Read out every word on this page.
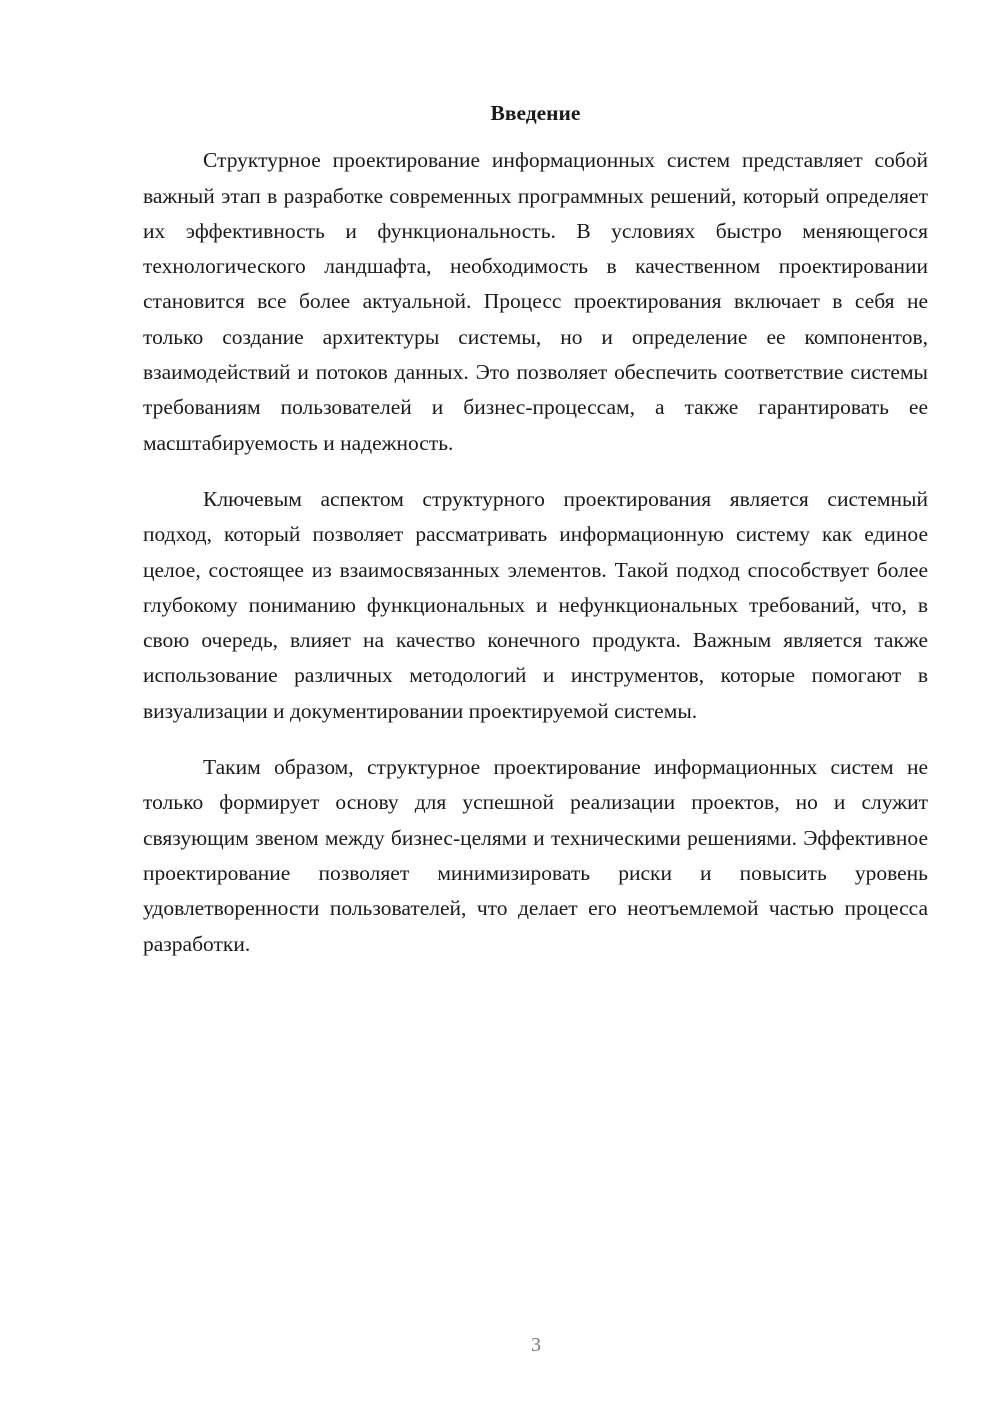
Введение

Структурное проектирование информационных систем представляет собой важный этап в разработке современных программных решений, который определяет их эффективность и функциональность. В условиях быстро меняющегося технологического ландшафта, необходимость в качественном проектировании становится все более актуальной. Процесс проектирования включает в себя не только создание архитектуры системы, но и определение ее компонентов, взаимодействий и потоков данных. Это позволяет обеспечить соответствие системы требованиям пользователей и бизнес-процессам, а также гарантировать ее масштабируемость и надежность.

Ключевым аспектом структурного проектирования является системный подход, который позволяет рассматривать информационную систему как единое целое, состоящее из взаимосвязанных элементов. Такой подход способствует более глубокому пониманию функциональных и нефункциональных требований, что, в свою очередь, влияет на качество конечного продукта. Важным является также использование различных методологий и инструментов, которые помогают в визуализации и документировании проектируемой системы.

Таким образом, структурное проектирование информационных систем не только формирует основу для успешной реализации проектов, но и служит связующим звеном между бизнес-целями и техническими решениями. Эффективное проектирование позволяет минимизировать риски и повысить уровень удовлетворенности пользователей, что делает его неотъемлемой частью процесса разработки.

3
